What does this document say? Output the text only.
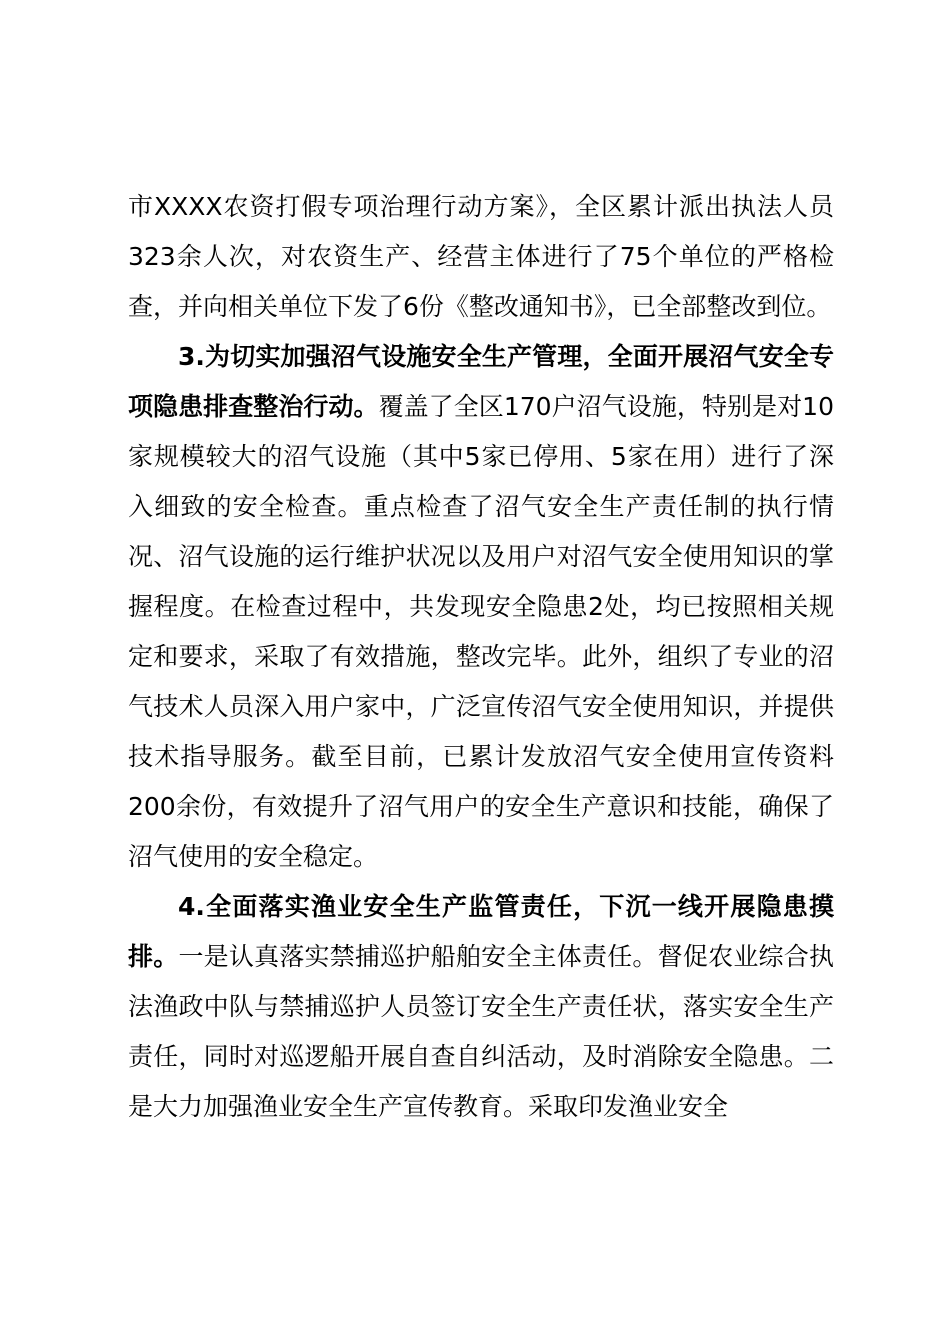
市XXXX农资打假专项治理行动方案》，全区累计派出执法人员323余人次，对农资生产、经营主体进行了75个单位的严格检查，并向相关单位下发了6份《整改通知书》，已全部整改到位。

3.为切实加强沼气设施安全生产管理，全面开展沼气安全专项隐患排查整治行动。覆盖了全区170户沼气设施，特别是对10家规模较大的沼气设施（其中5家已停用、5家在用）进行了深入细致的安全检查。重点检查了沼气安全生产责任制的执行情况、沼气设施的运行维护状况以及用户对沼气安全使用知识的掌握程度。在检查过程中，共发现安全隐患2处，均已按照相关规定和要求，采取了有效措施，整改完毕。此外，组织了专业的沼气技术人员深入用户家中，广泛宣传沼气安全使用知识，并提供技术指导服务。截至目前，已累计发放沼气安全使用宣传资料200余份，有效提升了沼气用户的安全生产意识和技能，确保了沼气使用的安全稳定。

4.全面落实渔业安全生产监管责任，下沉一线开展隐患摸排。一是认真落实禁捕巡护船舶安全主体责任。督促农业综合执法渔政中队与禁捕巡护人员签订安全生产责任状，落实安全生产责任，同时对巡逻船开展自查自纠活动，及时消除安全隐患。二是大力加强渔业安全生产宣传教育。采取印发渔业安全
